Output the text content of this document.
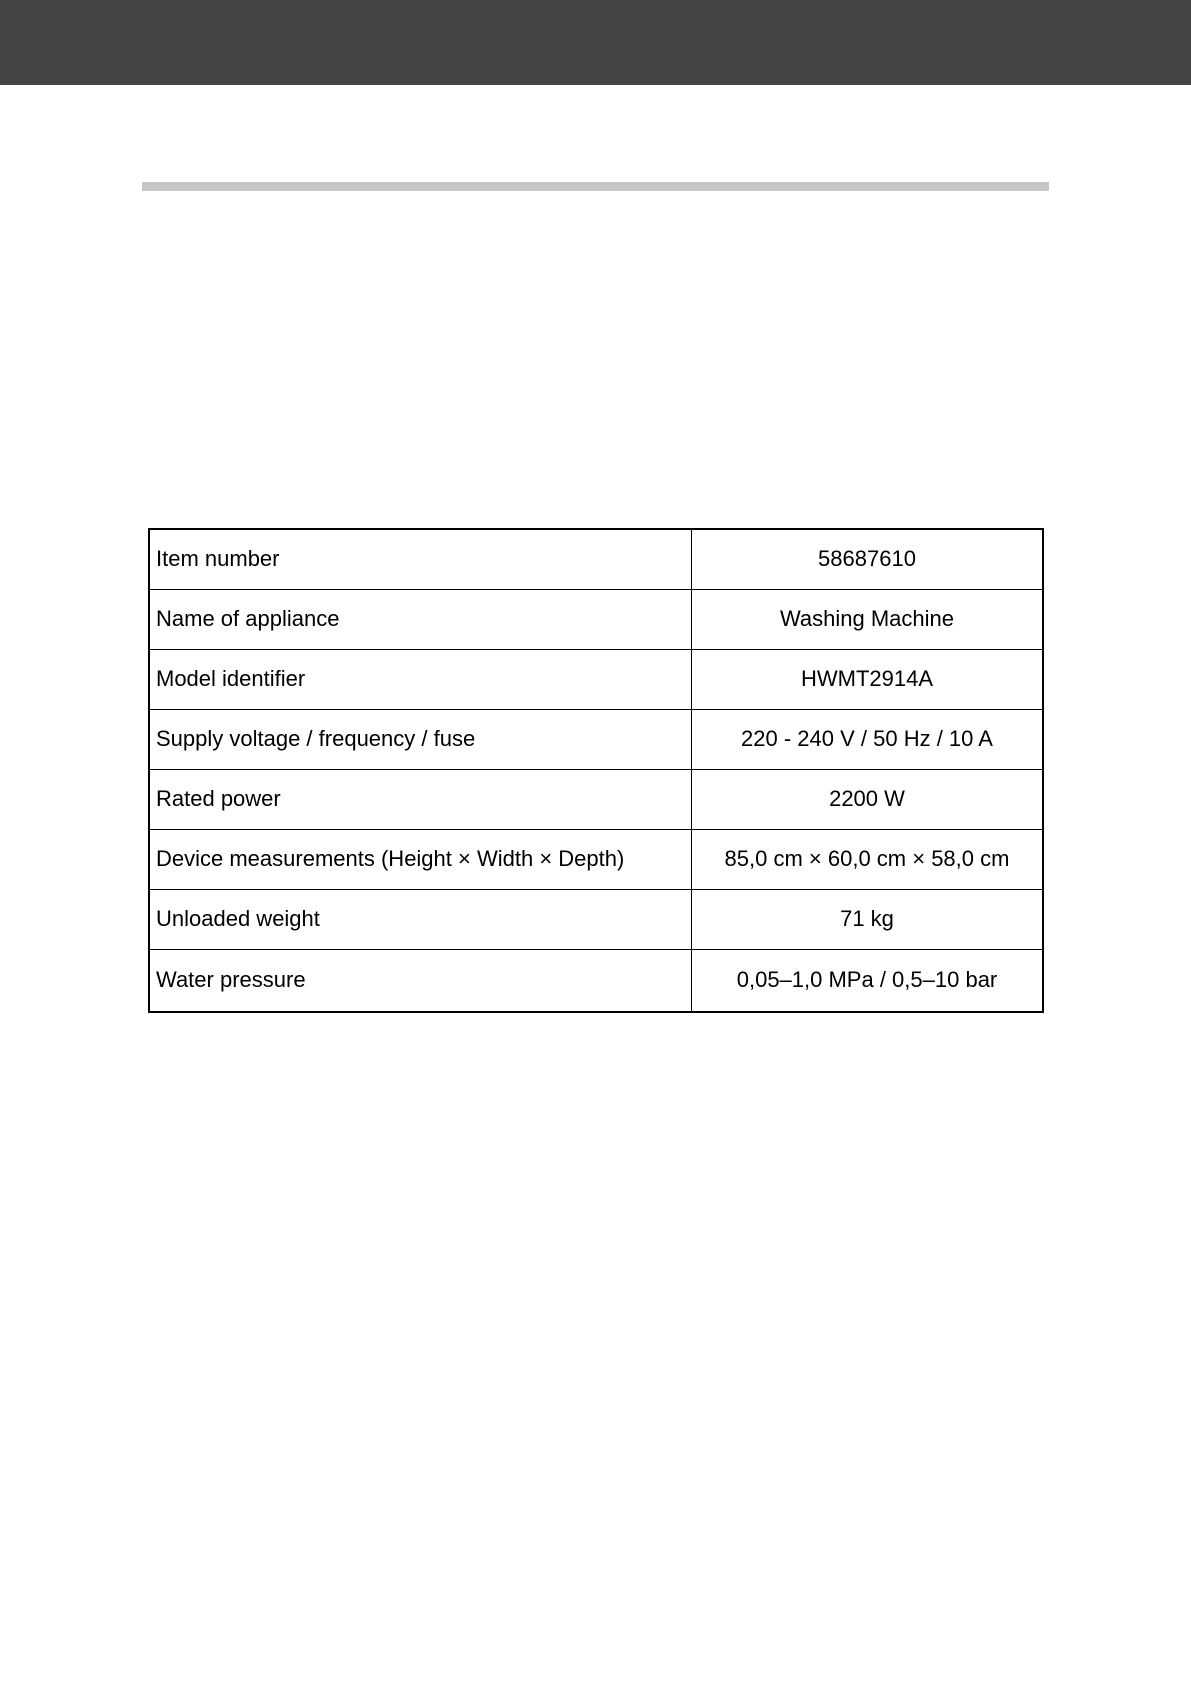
Item number	58687610
Name of appliance	Washing Machine
Model identifier	HWMT2914A
Supply voltage / frequency / fuse	220 - 240 V / 50 Hz / 10 A
Rated power	2200 W
Device measurements (Height × Width × Depth)	85,0 cm × 60,0 cm × 58,0 cm
Unloaded weight	71 kg
Water pressure	0,05–1,0 MPa / 0,5–10 bar
